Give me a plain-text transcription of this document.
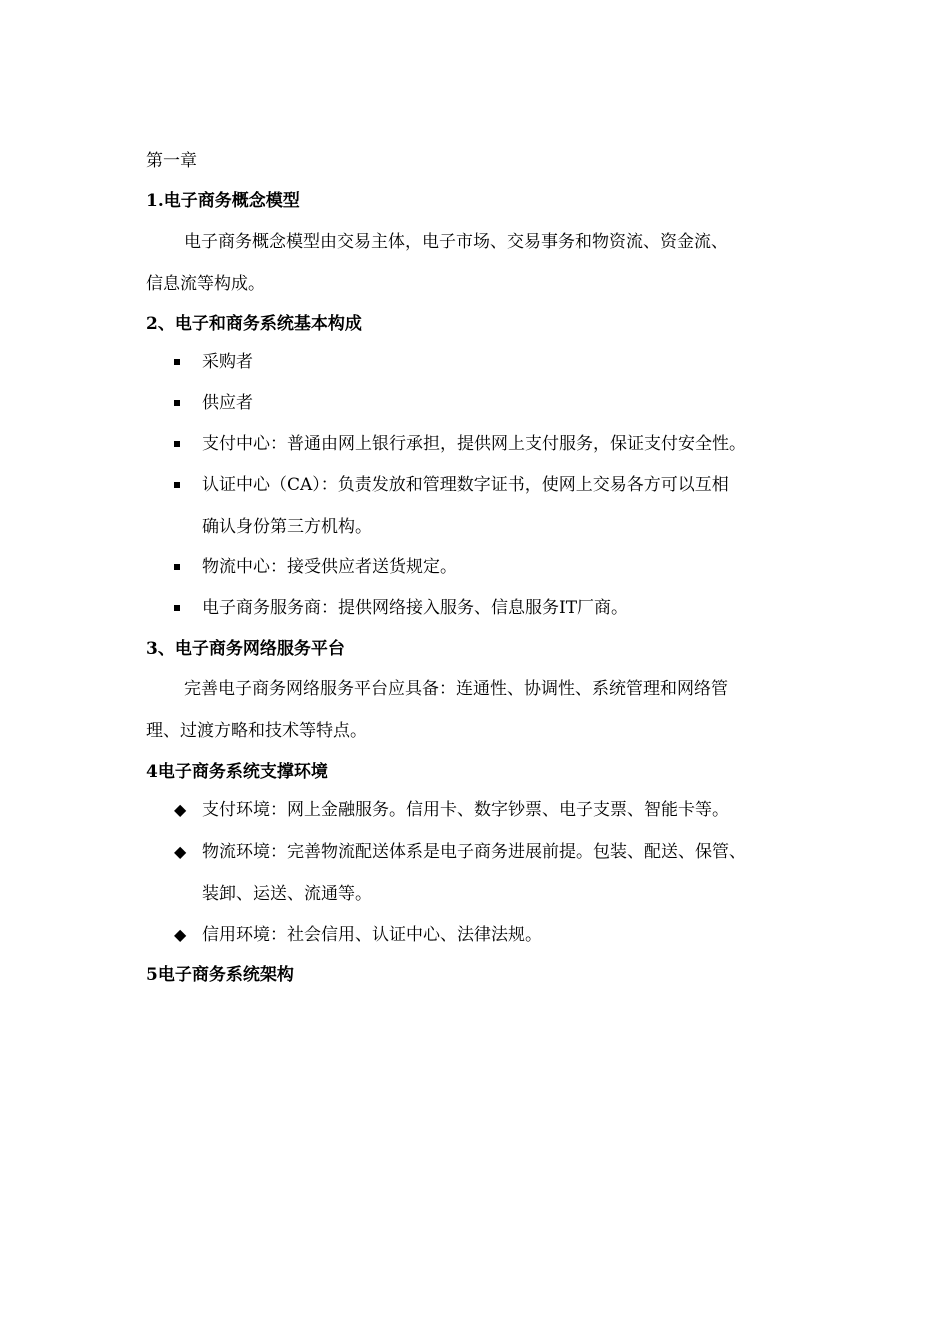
第一章
1.电子商务概念模型
电子商务概念模型由交易主体，电子市场、交易事务和物资流、资金流、
信息流等构成。
2、电子和商务系统基本构成
采购者
供应者
支付中心：普通由网上银行承担，提供网上支付服务，保证支付安全性。
认证中心（CA）：负责发放和管理数字证书，使网上交易各方可以互相
确认身份第三方机构。
物流中心：接受供应者送货规定。
电子商务服务商：提供网络接入服务、信息服务IT厂商。
3、电子商务网络服务平台
完善电子商务网络服务平台应具备：连通性、协调性、系统管理和网络管
理、过渡方略和技术等特点。
4电子商务系统支撑环境
◆ 支付环境：网上金融服务。信用卡、数字钞票、电子支票、智能卡等。
◆ 物流环境：完善物流配送体系是电子商务进展前提。包装、配送、保管、
装卸、运送、流通等。
◆ 信用环境：社会信用、认证中心、法律法规。
5电子商务系统架构
